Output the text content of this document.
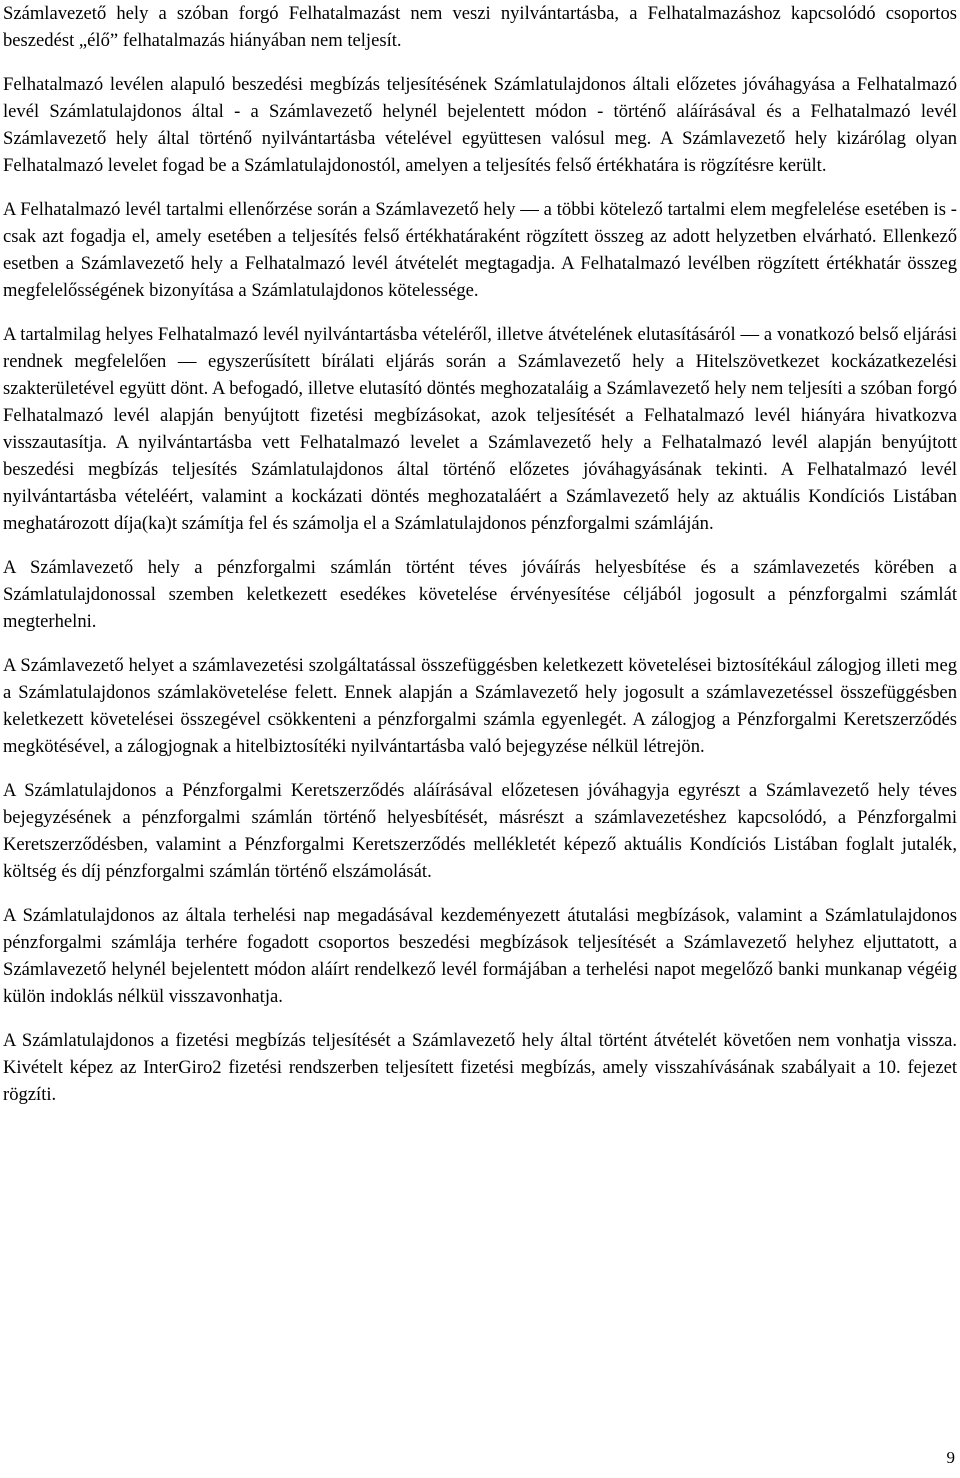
Számlavezető hely a szóban forgó Felhatalmazást nem veszi nyilvántartásba, a Felhatalmazáshoz kapcsolódó csoportos beszedést „élő” felhatalmazás hiányában nem teljesít.

Felhatalmazó levélen alapuló beszedési megbízás teljesítésének Számlatulajdonos általi előzetes jóváhagyása a Felhatalmazó levél Számlatulajdonos által - a Számlavezető helynél bejelentett módon - történő aláírásával és a Felhatalmazó levél Számlavezető hely által történő nyilvántartásba vételével együttesen valósul meg. A Számlavezető hely kizárólag olyan Felhatalmazó levelet fogad be a Számlatulajdonostól, amelyen a teljesítés felső értékhatára is rögzítésre került.

A Felhatalmazó levél tartalmi ellenőrzése során a Számlavezető hely — a többi kötelező tartalmi elem megfelelése esetében is - csak azt fogadja el, amely esetében a teljesítés felső értékhatáraként rögzített összeg az adott helyzetben elvárható. Ellenkező esetben a Számlavezető hely a Felhatalmazó levél átvételét megtagadja. A Felhatalmazó levélben rögzített értékhatár összeg megfelelősségének bizonyítása a Számlatulajdonos kötelessége.

A tartalmilag helyes Felhatalmazó levél nyilvántartásba vételéről, illetve átvételének elutasításáról — a vonatkozó belső eljárási rendnek megfelelően — egyszerűsített bírálati eljárás során a Számlavezető hely a Hitelszövetkezet kockázatkezelési szakterületével együtt dönt. A befogadó, illetve elutasító döntés meghozataláig a Számlavezető hely nem teljesíti a szóban forgó Felhatalmazó levél alapján benyújtott fizetési megbízásokat, azok teljesítését a Felhatalmazó levél hiányára hivatkozva visszautasítja. A nyilvántartásba vett Felhatalmazó levelet a Számlavezető hely a Felhatalmazó levél alapján benyújtott beszedési megbízás teljesítés Számlatulajdonos által történő előzetes jóváhagyásának tekinti. A Felhatalmazó levél nyilvántartásba vételéért, valamint a kockázati döntés meghozataláért a Számlavezető hely az aktuális Kondíciós Listában meghatározott díja(ka)t számítja fel és számolja el a Számlatulajdonos pénzforgalmi számláján.

A Számlavezető hely a pénzforgalmi számlán történt téves jóváírás helyesbítése és a számlavezetés körében a Számlatulajdonossal szemben keletkezett esedékes követelése érvényesítése céljából jogosult a pénzforgalmi számlát megterhelni.

A Számlavezető helyet a számlavezetési szolgáltatással összefüggésben keletkezett követelései biztosítékául zálogjog illeti meg a Számlatulajdonos számlakövetelése felett. Ennek alapján a Számlavezető hely jogosult a számlavezetéssel összefüggésben keletkezett követelései összegével csökkenteni a pénzforgalmi számla egyenlegét. A zálogjog a Pénzforgalmi Keretszerződés megkötésével, a zálogjognak a hitelbiztosítéki nyilvántartásba való bejegyzése nélkül létrejön.

A Számlatulajdonos a Pénzforgalmi Keretszerződés aláírásával előzetesen jóváhagyja egyrészt a Számlavezető hely téves bejegyzésének a pénzforgalmi számlán történő helyesbítését, másrészt a számlavezetéshez kapcsolódó, a Pénzforgalmi Keretszerződésben, valamint a Pénzforgalmi Keretszerződés mellékletét képező aktuális Kondíciós Listában foglalt jutalék, költség és díj pénzforgalmi számlán történő elszámolását.

A Számlatulajdonos az általa terhelési nap megadásával kezdeményezett átutalási megbízások, valamint a Számlatulajdonos pénzforgalmi számlája terhére fogadott csoportos beszedési megbízások teljesítését a Számlavezető helyhez eljuttatott, a Számlavezető helynél bejelentett módon aláírt rendelkező levél formájában a terhelési napot megelőző banki munkanap végéig külön indoklás nélkül visszavonhatja.

A Számlatulajdonos a fizetési megbízás teljesítését a Számlavezető hely által történt átvételét követően nem vonhatja vissza. Kivételt képez az InterGiro2 fizetési rendszerben teljesített fizetési megbízás, amely visszahívásának szabályait a 10. fejezet rögzíti.

9
